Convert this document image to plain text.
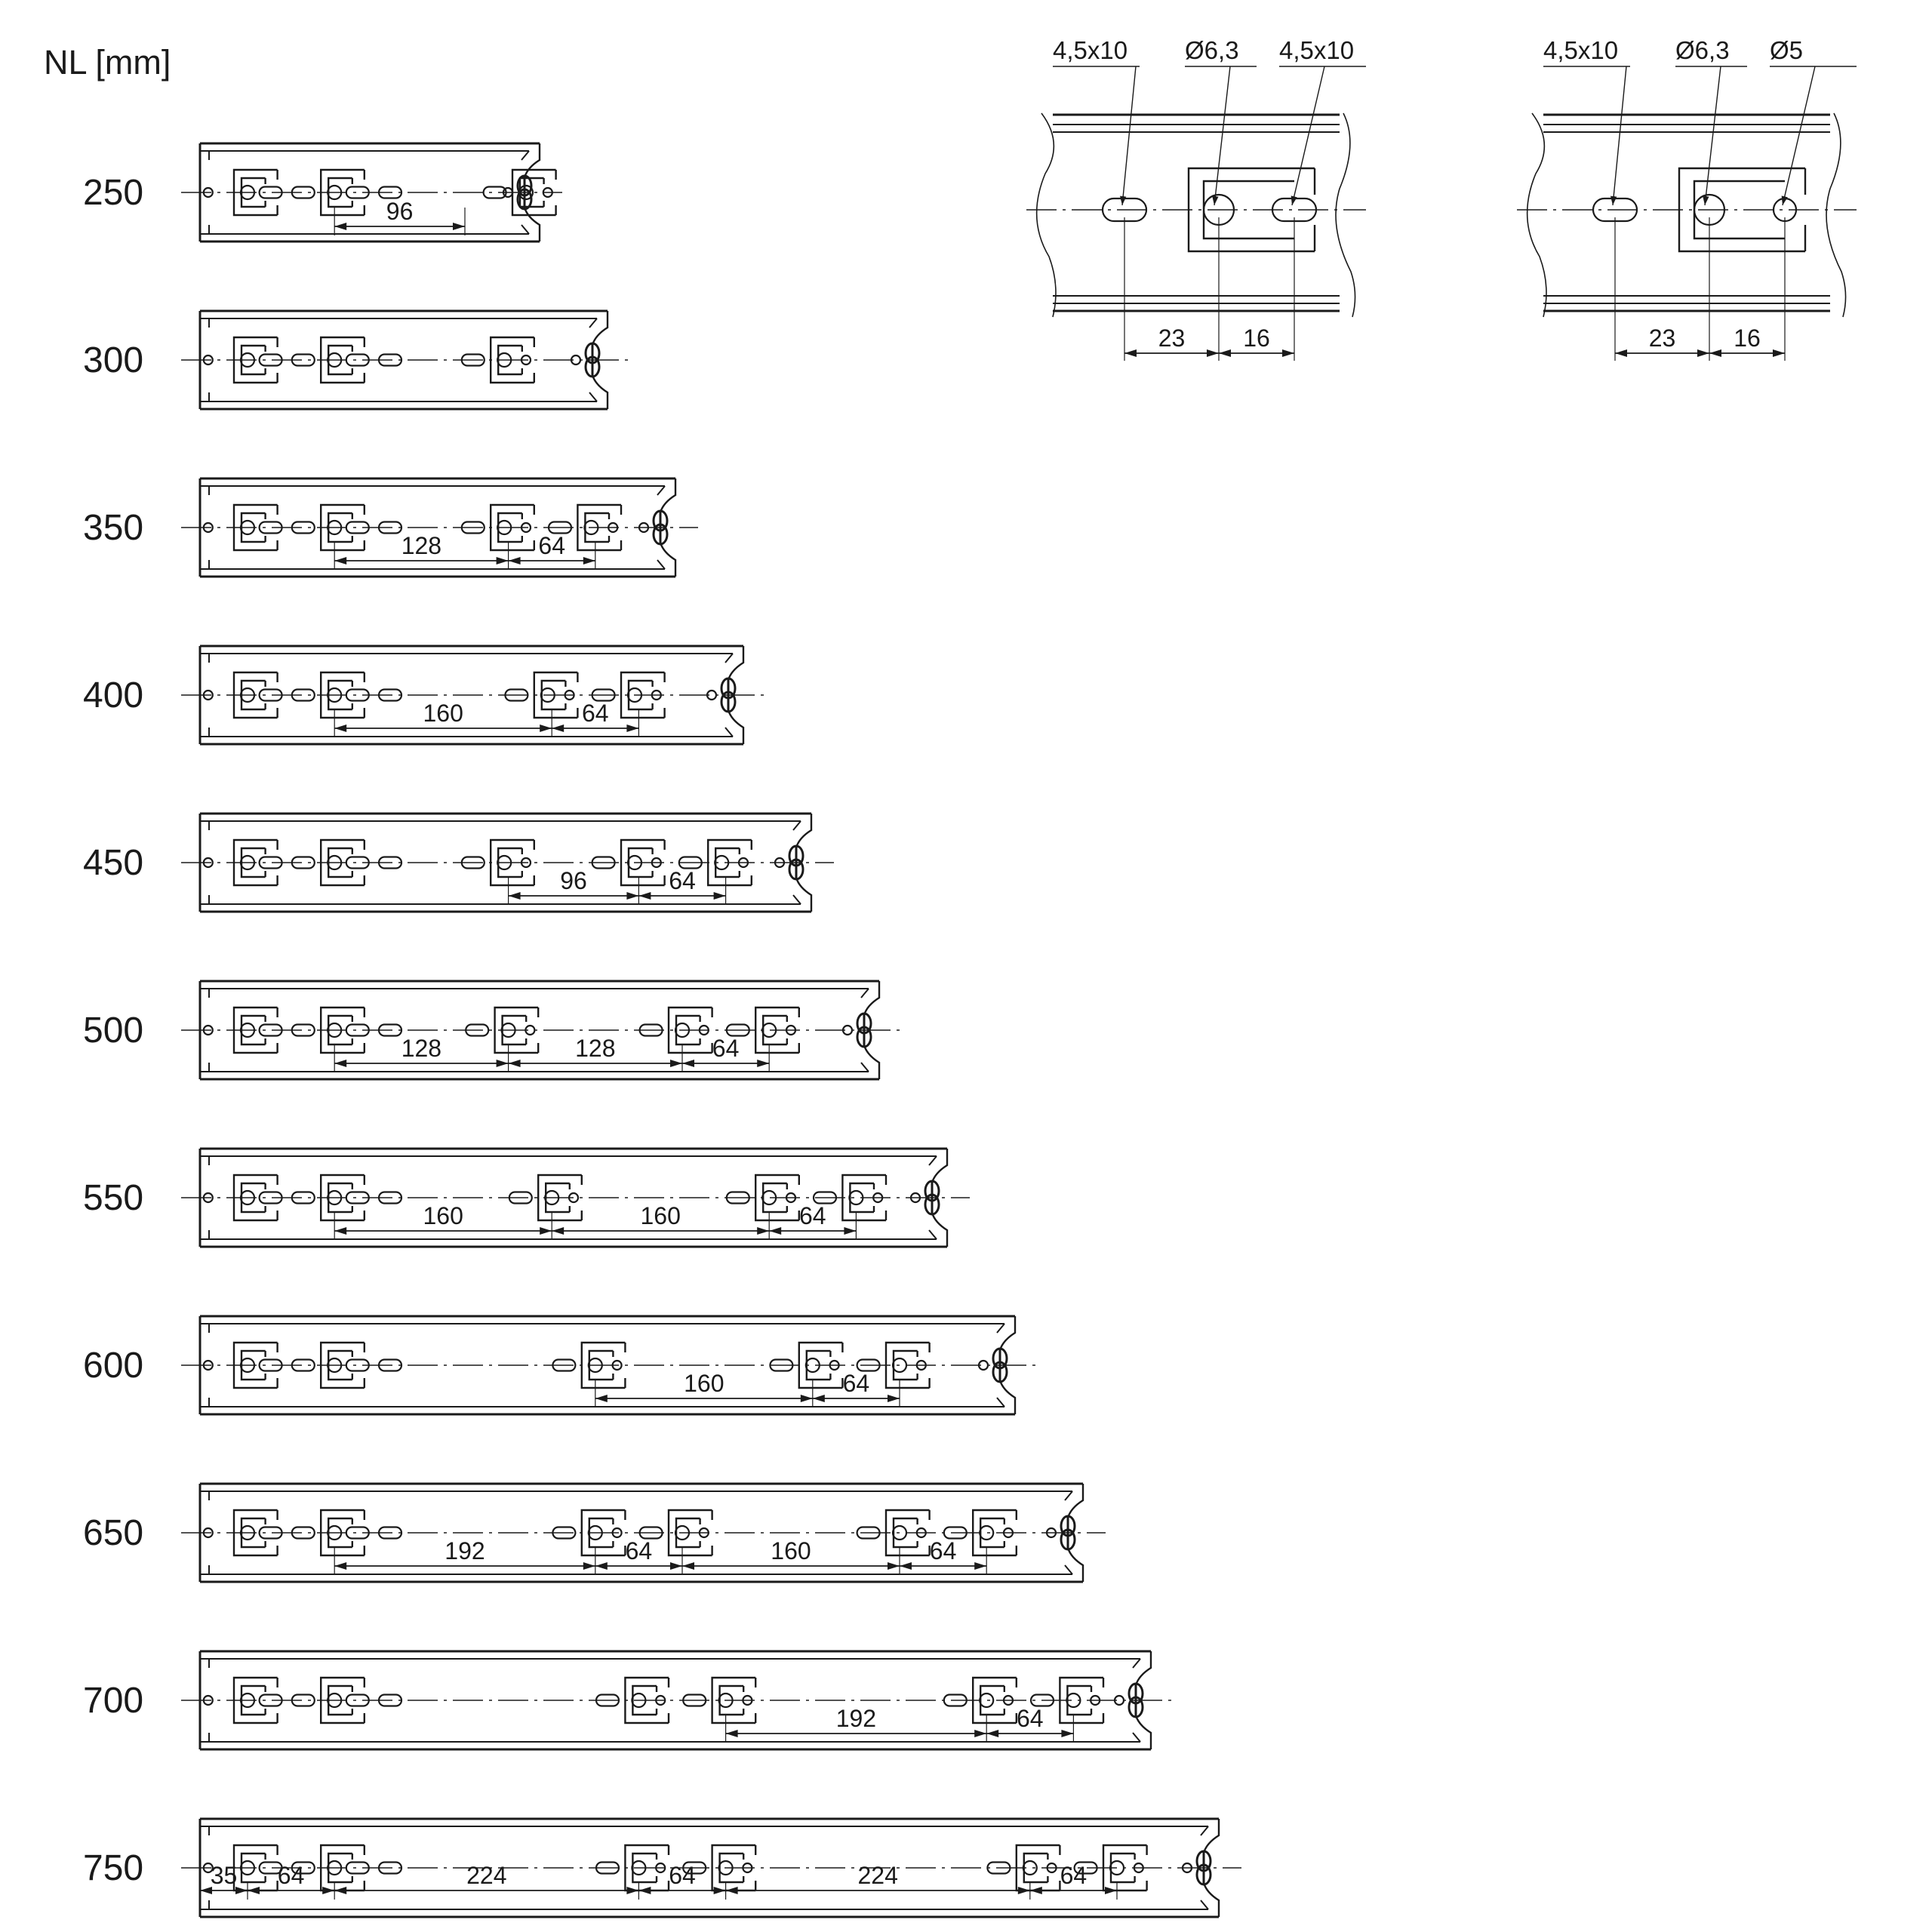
NL [mm]
250	96
300
350	128	64
400	160	64
450	96	64
500	128	128	64
550	160	160	64
600	160	64
650	192	64	160	64
700	192	64
750	35 64	224	64	224	64
4,5x10 Ø6,3 4,5x10
23 16
4,5x10 Ø6,3 Ø5
23 16
